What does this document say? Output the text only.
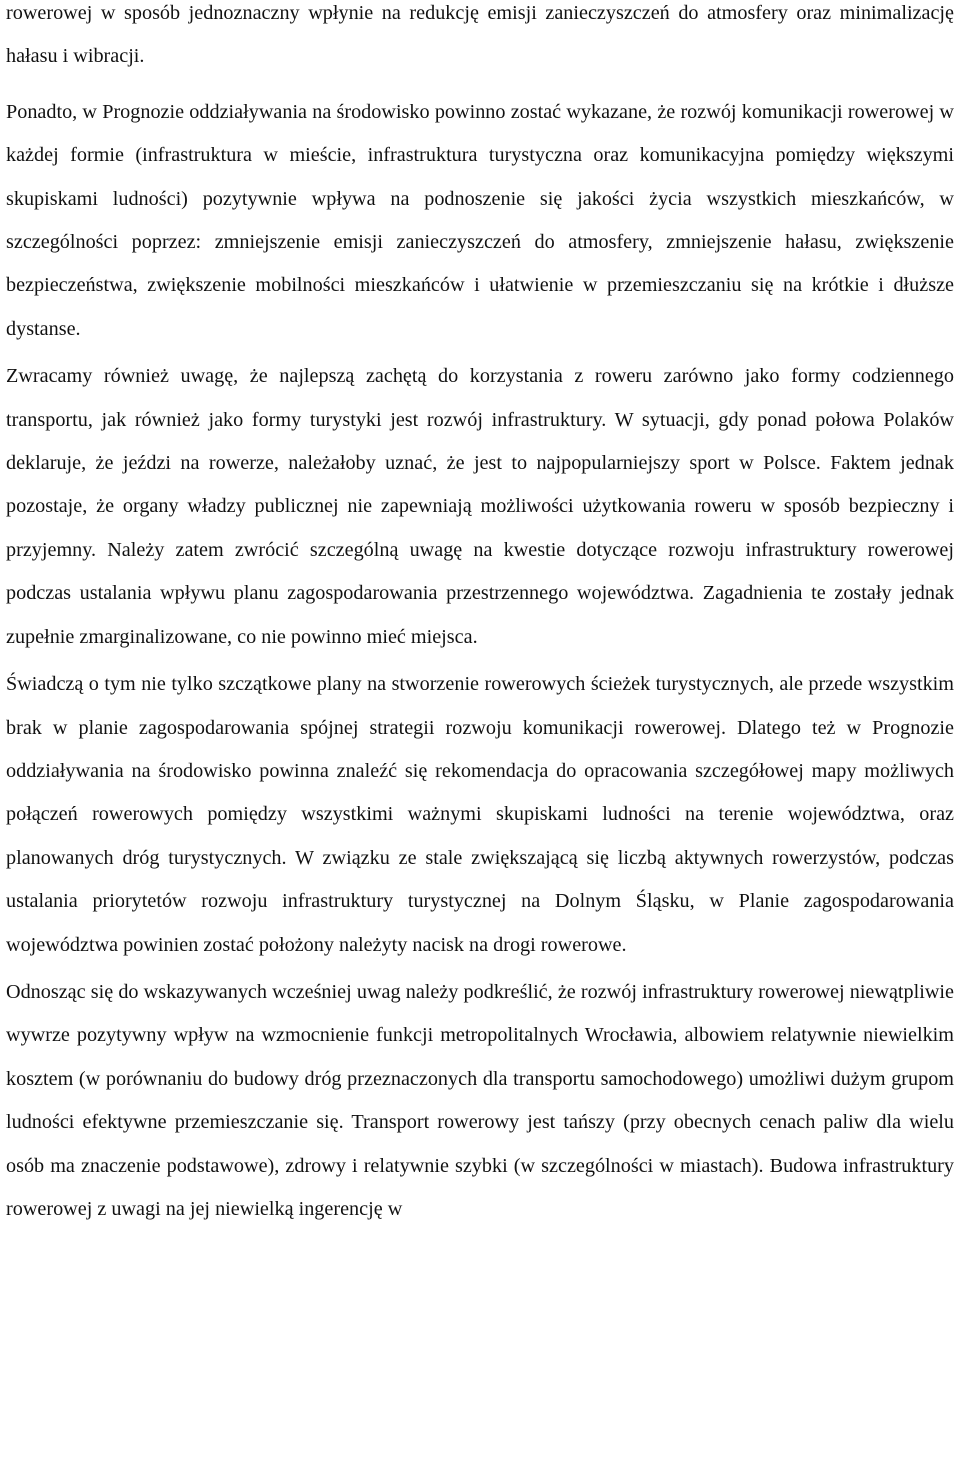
rowerowej w sposób jednoznaczny wpłynie na redukcję emisji zanieczyszczeń do atmosfery oraz minimalizację hałasu i wibracji.

Ponadto, w Prognozie oddziaływania na środowisko powinno zostać wykazane, że rozwój komunikacji rowerowej w każdej formie (infrastruktura w mieście, infrastruktura turystyczna oraz komunikacyjna pomiędzy większymi skupiskami ludności) pozytywnie wpływa na podnoszenie się jakości życia wszystkich mieszkańców, w szczególności poprzez: zmniejszenie emisji zanieczyszczeń do atmosfery, zmniejszenie hałasu, zwiększenie bezpieczeństwa, zwiększenie mobilności mieszkańców i ułatwienie w przemieszczaniu się na krótkie i dłuższe dystanse.

Zwracamy również uwagę, że najlepszą zachętą do korzystania z roweru zarówno jako formy codziennego transportu, jak również jako formy turystyki jest rozwój infrastruktury. W sytuacji, gdy ponad połowa Polaków deklaruje, że jeździ na rowerze, należałoby uznać, że jest to najpopularniejszy sport w Polsce. Faktem jednak pozostaje, że organy władzy publicznej nie zapewniają możliwości użytkowania roweru w sposób bezpieczny i przyjemny. Należy zatem zwrócić szczególną uwagę na kwestie dotyczące rozwoju infrastruktury rowerowej podczas ustalania wpływu planu zagospodarowania przestrzennego województwa. Zagadnienia te zostały jednak zupełnie zmarginalizowane, co nie powinno mieć miejsca.

Świadczą o tym nie tylko szczątkowe plany na stworzenie rowerowych ścieżek turystycznych, ale przede wszystkim brak w planie zagospodarowania spójnej strategii rozwoju komunikacji rowerowej. Dlatego też w Prognozie oddziaływania na środowisko powinna znaleźć się rekomendacja do opracowania szczegółowej mapy możliwych połączeń rowerowych pomiędzy wszystkimi ważnymi skupiskami ludności na terenie województwa, oraz planowanych dróg turystycznych. W związku ze stale zwiększającą się liczbą aktywnych rowerzystów, podczas ustalania priorytetów rozwoju infrastruktury turystycznej na Dolnym Śląsku, w Planie zagospodarowania województwa powinien zostać położony należyty nacisk na drogi rowerowe.

Odnosząc się do wskazywanych wcześniej uwag należy podkreślić, że rozwój infrastruktury rowerowej niewątpliwie wywrze pozytywny wpływ na wzmocnienie funkcji metropolitalnych Wrocławia, albowiem relatywnie niewielkim kosztem (w porównaniu do budowy dróg przeznaczonych dla transportu samochodowego) umożliwi dużym grupom ludności efektywne przemieszczanie się. Transport rowerowy jest tańszy (przy obecnych cenach paliw dla wielu osób ma znaczenie podstawowe), zdrowy i relatywnie szybki (w szczególności w miastach). Budowa infrastruktury rowerowej z uwagi na jej niewielką ingerencję w
